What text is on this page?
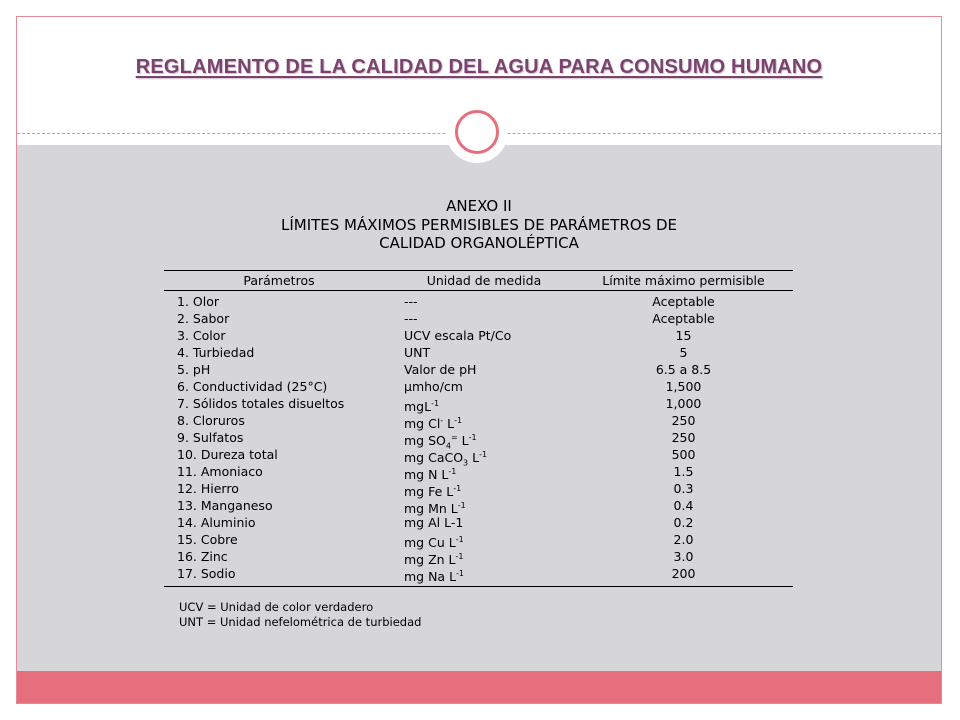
REGLAMENTO DE LA CALIDAD DEL AGUA PARA CONSUMO HUMANO
ANEXO II
LÍMITES MÁXIMOS PERMISIBLES DE PARÁMETROS DE
CALIDAD ORGANOLÉPTICA
Parámetros	Unidad de medida	Límite máximo permisible
1. Olor	---	Aceptable
2. Sabor	---	Aceptable
3. Color	UCV escala Pt/Co	15
4. Turbiedad	UNT	5
5. pH	Valor de pH	6.5 a 8.5
6. Conductividad (25°C)	μmho/cm	1,500
7. Sólidos totales disueltos	mgL$^{-1}$	1,000
8. Cloruros	mg Cl- $L^{-1}$	250
9. Sulfatos	mg $SO_4^=$ $L^{-1}$	250
10. Dureza total	mg CaCO$_3$ $L^{-1}$	500
11. Amoniaco	mg N $L^{-1}$	1.5
12. Hierro	mg Fe $L^{-1}$	0.3
13. Manganeso	mg Mn $L^{-1}$	0.4
14. Aluminio	mg Al L-1	0.2
15. Cobre	mg Cu $L^{-1}$	2.0
16. Zinc	mg Zn $L^{-1}$	3.0
17. Sodio	mg Na $L^{-1}$	200
UCV = Unidad de color verdadero
UNT = Unidad nefelométrica de turbiedad
